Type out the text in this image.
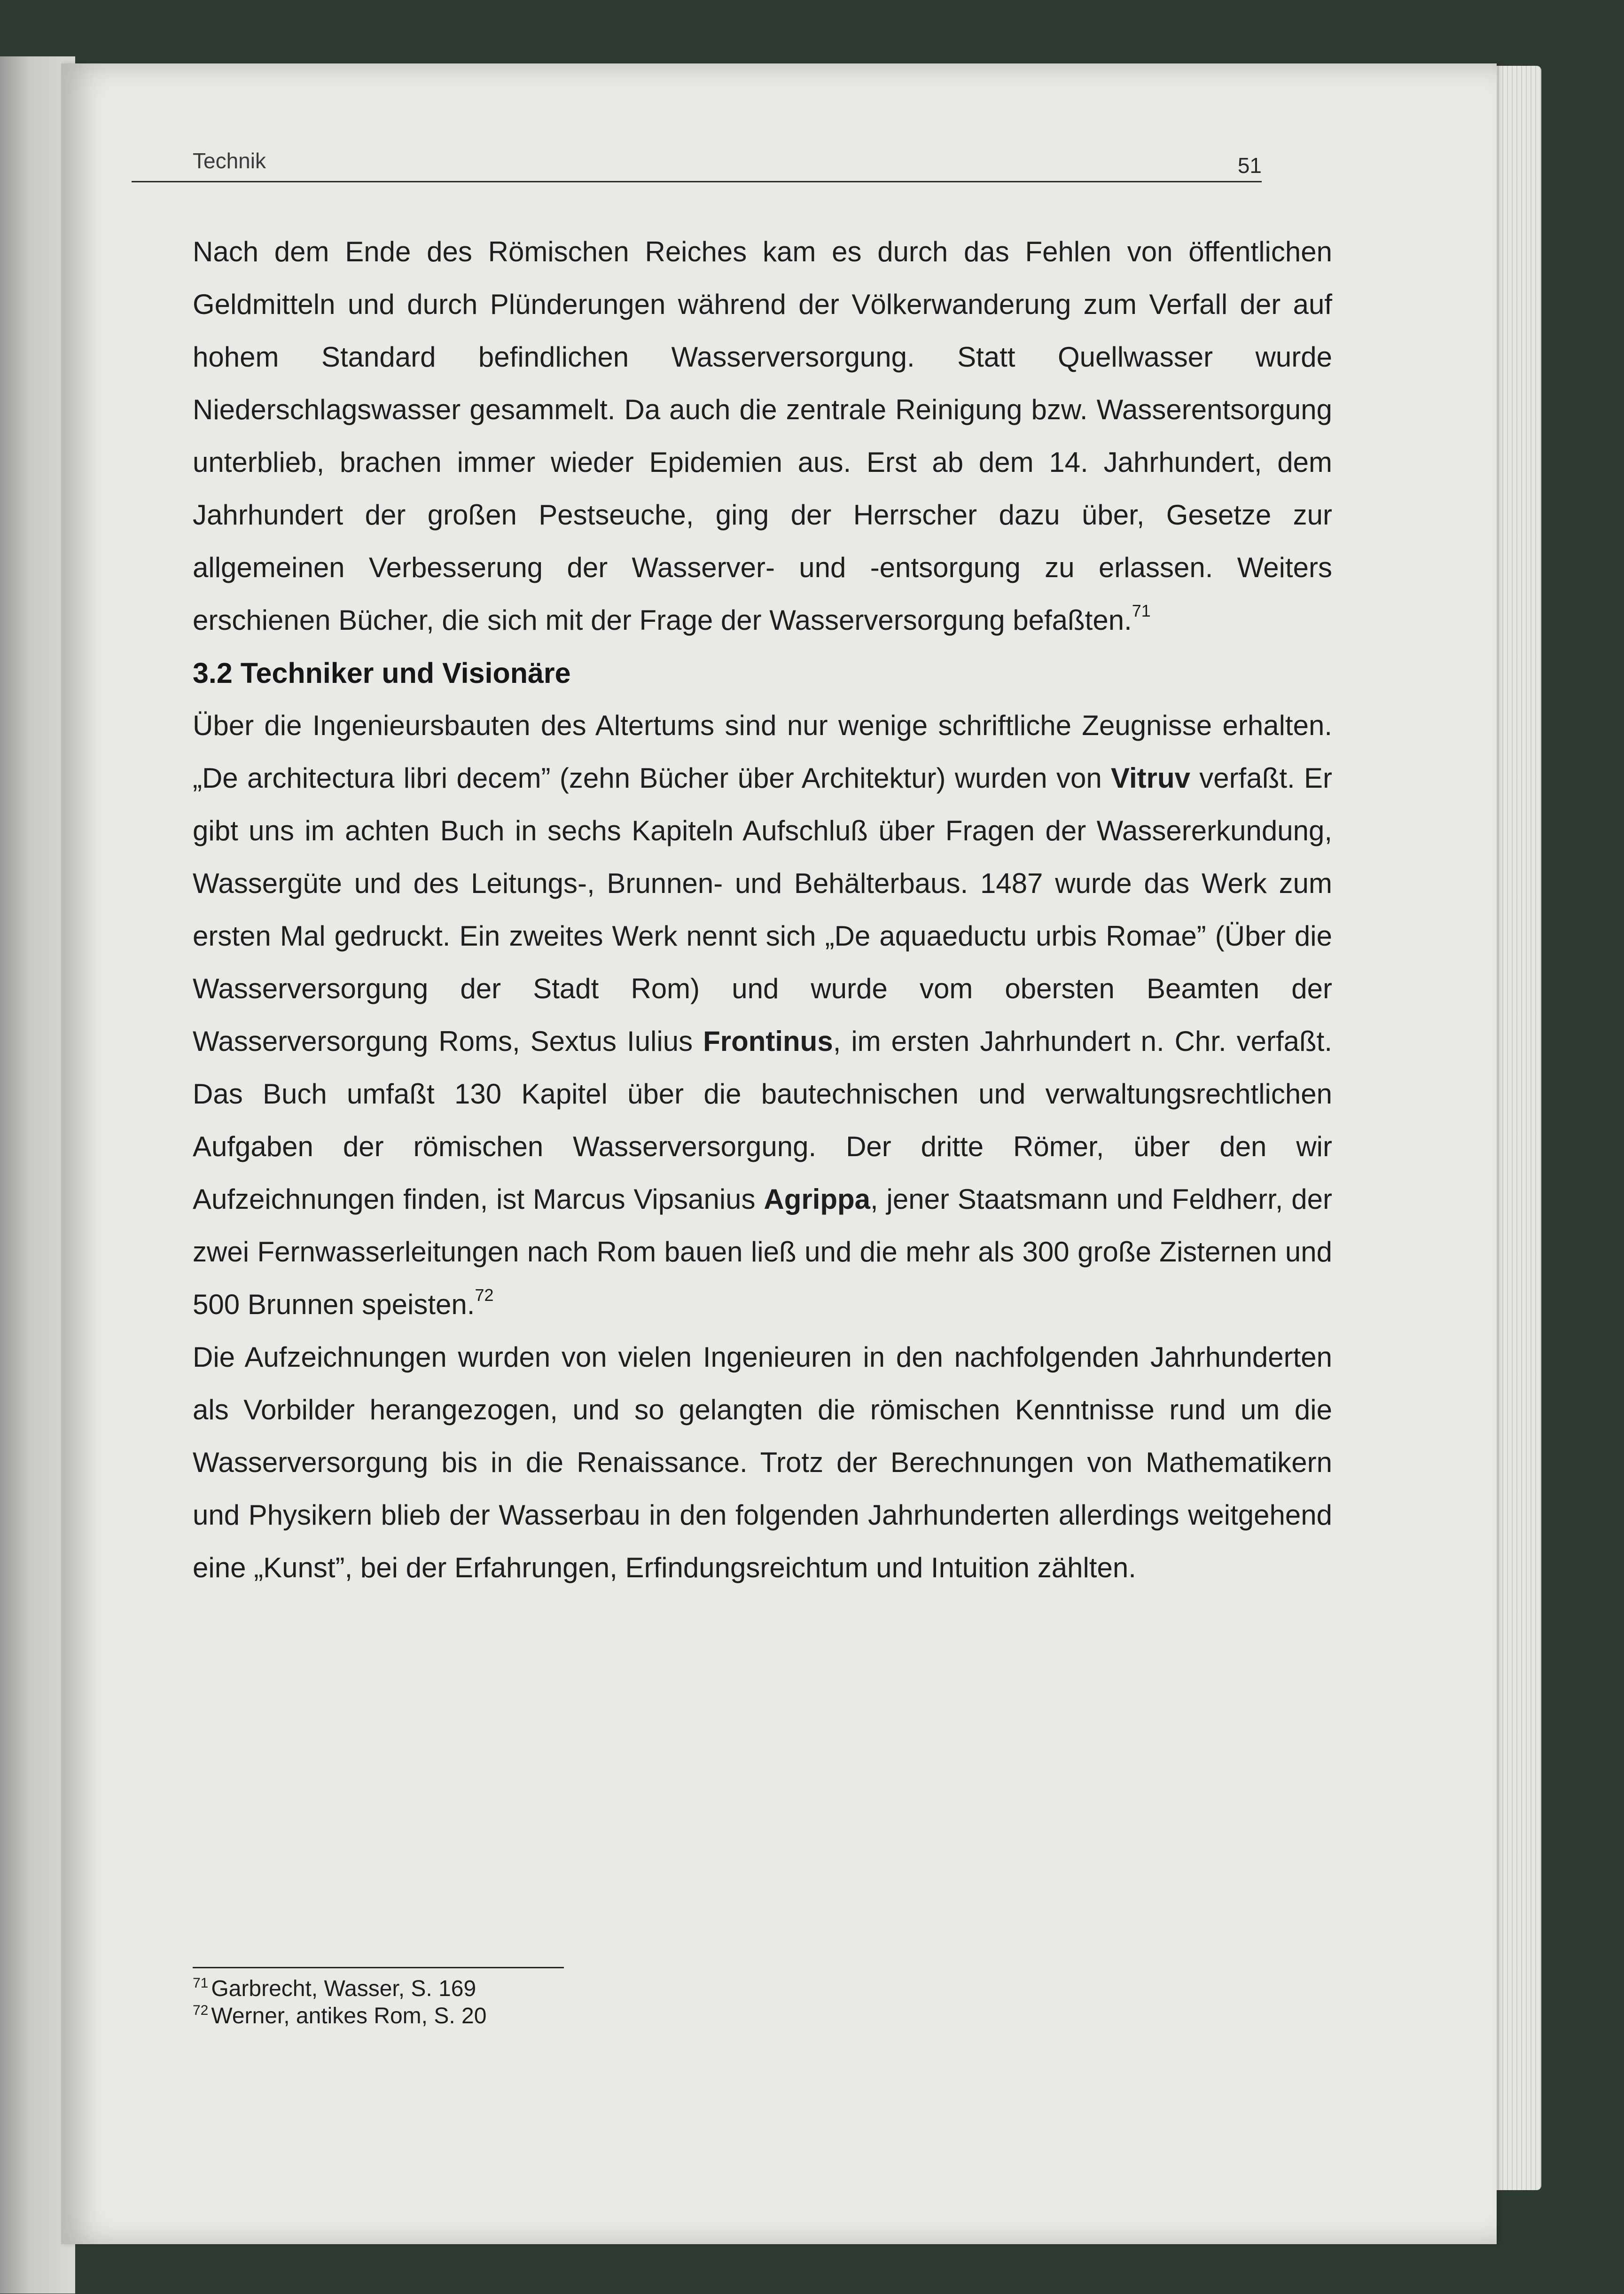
Technik	51

Nach dem Ende des Römischen Reiches kam es durch das Fehlen von öffentlichen Geldmitteln und durch Plünderungen während der Völkerwanderung zum Verfall der auf hohem Standard befindlichen Wasserversorgung. Statt Quellwasser wurde Niederschlagswasser gesammelt. Da auch die zentrale Reinigung bzw. Wasserentsorgung unterblieb, brachen immer wieder Epidemien aus. Erst ab dem 14. Jahrhundert, dem Jahrhundert der großen Pestseuche, ging der Herrscher dazu über, Gesetze zur allgemeinen Verbesserung der Wasserver- und -entsorgung zu erlassen. Weiters erschienen Bücher, die sich mit der Frage der Wasserversorgung befaßten.$^{71}$

3.2 Techniker und Visionäre

Über die Ingenieursbauten des Altertums sind nur wenige schriftliche Zeugnisse erhalten. „De architectura libri decem” (zehn Bücher über Architektur) wurden von Vitruv verfaßt. Er gibt uns im achten Buch in sechs Kapiteln Aufschluß über Fragen der Wassererkundung, Wassergüte und des Leitungs-, Brunnen- und Behälterbaus. 1487 wurde das Werk zum ersten Mal gedruckt. Ein zweites Werk nennt sich „De aquaeductu urbis Romae” (Über die Wasserversorgung der Stadt Rom) und wurde vom obersten Beamten der Wasserversorgung Roms, Sextus Iulius Frontinus, im ersten Jahrhundert n. Chr. verfaßt. Das Buch umfaßt 130 Kapitel über die bautechnischen und verwaltungsrechtlichen Aufgaben der römischen Wasserversorgung. Der dritte Römer, über den wir Aufzeichnungen finden, ist Marcus Vipsanius Agrippa, jener Staatsmann und Feldherr, der zwei Fernwasserleitungen nach Rom bauen ließ und die mehr als 300 große Zisternen und 500 Brunnen speisten.$^{72}$

Die Aufzeichnungen wurden von vielen Ingenieuren in den nachfolgenden Jahrhunderten als Vorbilder herangezogen, und so gelangten die römischen Kenntnisse rund um die Wasserversorgung bis in die Renaissance. Trotz der Berechnungen von Mathematikern und Physikern blieb der Wasserbau in den folgenden Jahrhunderten allerdings weitgehend eine „Kunst”, bei der Erfahrungen, Erfindungsreichtum und Intuition zählten.

$^{71}$ Garbrecht, Wasser, S. 169
$^{72}$ Werner, antikes Rom, S. 20
